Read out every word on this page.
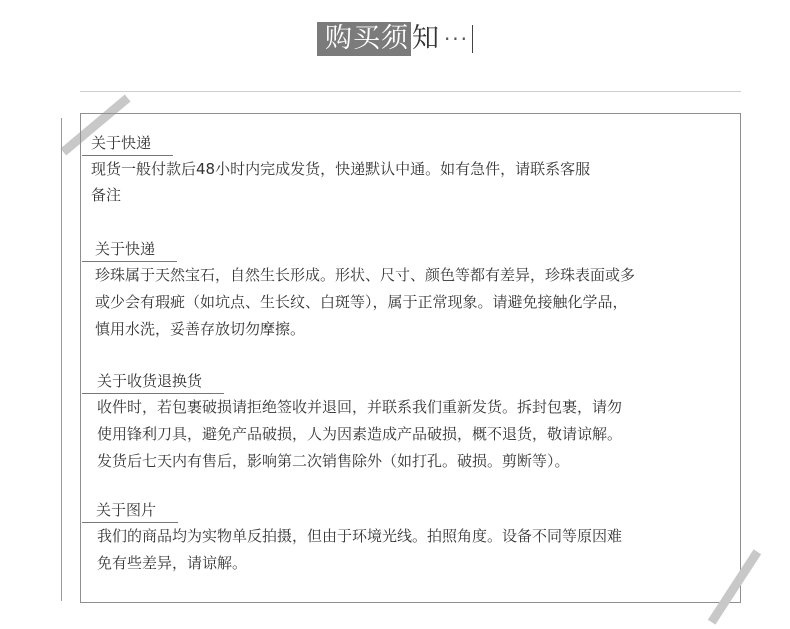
购买须 知 ···
关于快递
现货一般付款后48小时内完成发货，快递默认中通。如有急件，请联系客服
备注
关于快递
珍珠属于天然宝石，自然生长形成。形状、尺寸、颜色等都有差异，珍珠表面或多
或少会有瑕疵（如坑点、生长纹、白斑等），属于正常现象。请避免接触化学品，
慎用水洗，妥善存放切勿摩擦。
关于收货退换货
收件时，若包裹破损请拒绝签收并退回，并联系我们重新发货。拆封包裹，请勿
使用锋利刀具，避免产品破损，人为因素造成产品破损，概不退货，敬请谅解。
发货后七天内有售后，影响第二次销售除外（如打孔。破损。剪断等）。
关于图片
我们的商品均为实物单反拍摄，但由于环境光线。拍照角度。设备不同等原因难
免有些差异，请谅解。
